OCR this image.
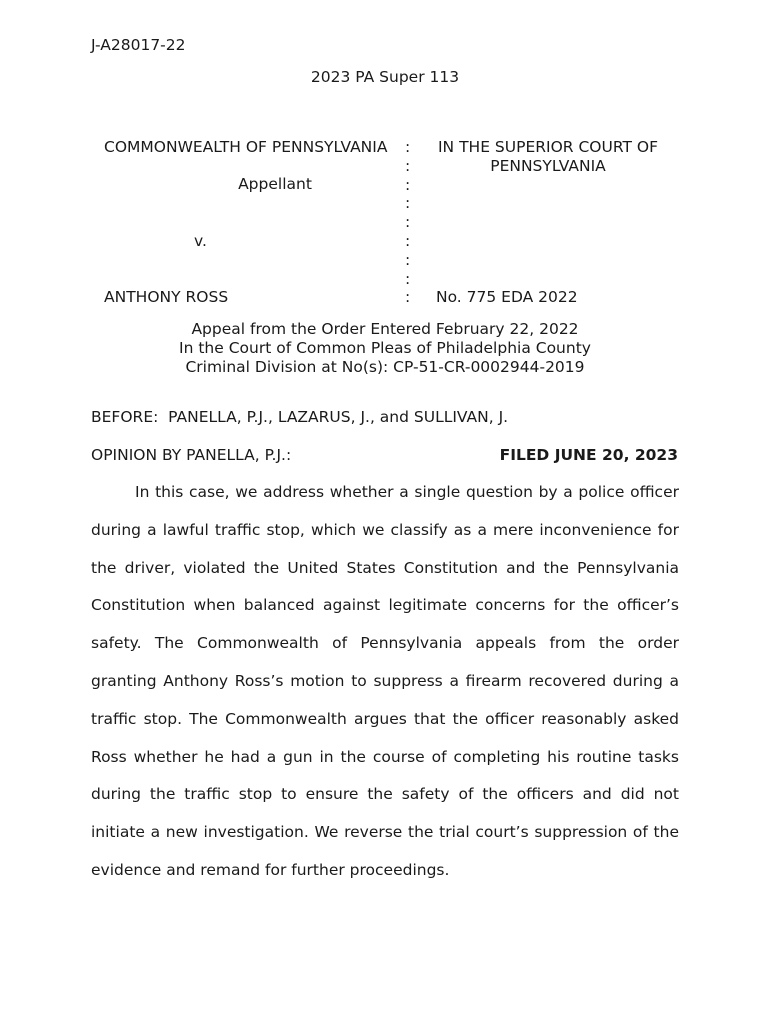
J-A28017-22
2023 PA Super 113
COMMONWEALTH OF PENNSYLVANIA
Appellant
v.
ANTHONY ROSS
:
:
:
:
:
:
:
:
:
IN THE SUPERIOR COURT OF
PENNSYLVANIA
No. 775 EDA 2022
Appeal from the Order Entered February 22, 2022
In the Court of Common Pleas of Philadelphia County
Criminal Division at No(s): CP-51-CR-0002944-2019
BEFORE:  PANELLA, P.J., LAZARUS, J., and SULLIVAN, J.
OPINION BY PANELLA, P.J.:	FILED JUNE 20, 2023

In this case, we address whether a single question by a police officer during a lawful traffic stop, which we classify as a mere inconvenience for the driver, violated the United States Constitution and the Pennsylvania Constitution when balanced against legitimate concerns for the officer’s safety. The Commonwealth of Pennsylvania appeals from the order granting Anthony Ross’s motion to suppress a firearm recovered during a traffic stop. The Commonwealth argues that the officer reasonably asked Ross whether he had a gun in the course of completing his routine tasks during the traffic stop to ensure the safety of the officers and did not initiate a new investigation. We reverse the trial court’s suppression of the evidence and remand for further proceedings.
